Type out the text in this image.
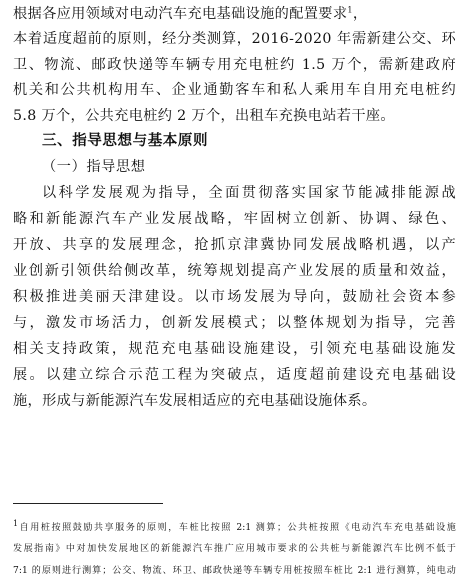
根据各应用领域对电动汽车充电基础设施的配置要求$^1$，
本着适度超前的原则，经分类测算，2016-2020 年需新建公交、环
卫、物流、邮政快递等车辆专用充电桩约 1.5 万个，需新建政府
机关和公共机构用车、企业通勤客车和私人乘用车自用充电桩约
5.8 万个，公共充电桩约 2 万个，出租车充换电站若干座。
三、指导思想与基本原则
（一）指导思想
以科学发展观为指导，全面贯彻落实国家节能减排能源战
略和新能源汽车产业发展战略，牢固树立创新、协调、绿色、
开放、共享的发展理念，抢抓京津冀协同发展战略机遇，以产
业创新引领供给侧改革，统筹规划提高产业发展的质量和效益，
积极推进美丽天津建设。以市场发展为导向，鼓励社会资本参
与，激发市场活力，创新发展模式；以整体规划为指导，完善
相关支持政策，规范充电基础设施建设，引领充电基础设施发
展。以建立综合示范工程为突破点，适度超前建设充电基础设
施，形成与新能源汽车发展相适应的充电基础设施体系。
$^1$自用桩按照鼓励共享服务的原则，车桩比按照 2:1 测算；公共桩按照《电动汽车充电基础设施
发展指南》中对加快发展地区的新能源汽车推广应用城市要求的公共桩与新能源汽车比例不低于
7:1 的原则进行测算；公交、物流、环卫、邮政快递等车辆专用桩按照车桩比 2:1 进行测算，纯电动
